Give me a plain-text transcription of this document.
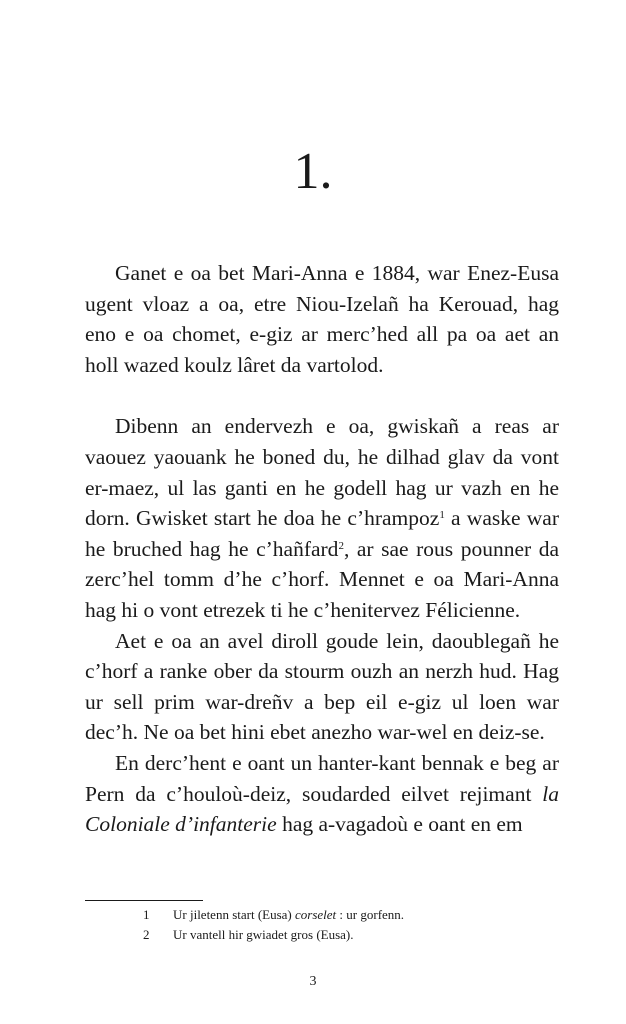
1.

Ganet e oa bet Mari-Anna e 1884, war Enez-Eusa ugent vloaz a oa, etre Niou-Izelañ ha Kerouad, hag eno e oa chomet, e-giz ar merc’hed all pa oa aet an holl wazed koulz lâret da vartolod.

Dibenn an endervezh e oa, gwiskañ a reas ar vaouez yaouank he boned du, he dilhad glav da vont er-maez, ul las ganti en he godell hag ur vazh en he dorn. Gwisket start he doa he c’hrampoz$^1$ a waske war he bruched hag he c’hañfard$^2$, ar sae rous pounner da zerc’hel tomm d’he c’horf. Mennet e oa Mari-Anna hag hi o vont etrezek ti he c’henitervez Félicienne.

Aet e oa an avel diroll goude lein, daoublegañ he c’horf a ranke ober da stourm ouzh an nerzh hud. Hag ur sell prim war-dreñv a bep eil e-giz ul loen war dec’h. Ne oa bet hini ebet anezho war-wel en deiz-se.

En derc’hent e oant un hanter-kant bennak e beg ar Pern da c’houloù-deiz, soudarded eilvet rejimant la Coloniale d’infanterie hag a-vagadoù e oant en em

1	Ur jiletenn start (Eusa) corselet : ur gorfenn.
2	Ur vantell hir gwiadet gros (Eusa).
3
